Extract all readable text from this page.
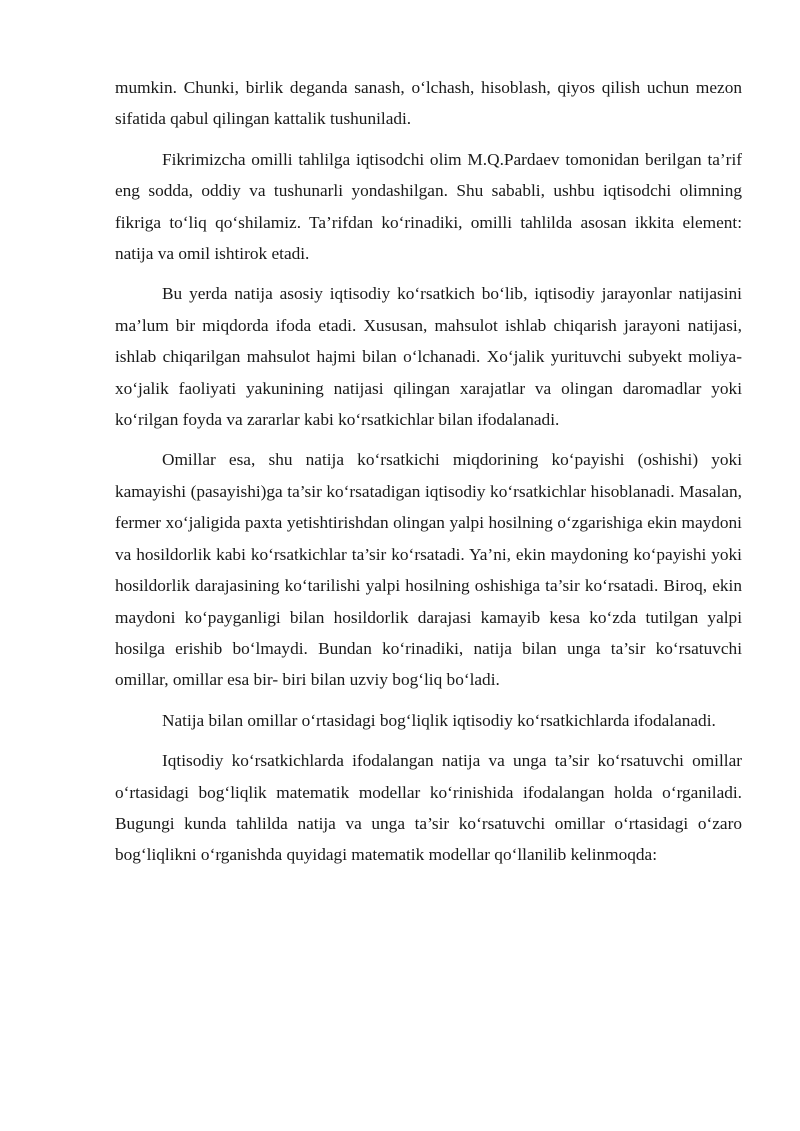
mumkin. Chunki, birlik deganda sanash, o‘lchash, hisoblash, qiyos qilish uchun mezon sifatida qabul qilingan kattalik tushuniladi.

Fikrimizcha omilli tahlilga iqtisodchi olim M.Q.Pardaev tomonidan berilgan ta’rif eng sodda, oddiy va tushunarli yondashilgan. Shu sababli, ushbu iqtisodchi olimning fikriga to‘liq qo‘shilamiz. Ta’rifdan ko‘rinadiki, omilli tahlilda asosan ikkita element: natija va omil ishtirok etadi.

Bu yerda natija asosiy iqtisodiy ko‘rsatkich bo‘lib, iqtisodiy jarayonlar natijasini ma’lum bir miqdorda ifoda etadi. Xususan, mahsulot ishlab chiqarish jarayoni natijasi, ishlab chiqarilgan mahsulot hajmi bilan o‘lchanadi. Xo‘jalik yurituvchi subyekt moliya-xo‘jalik faoliyati yakunining natijasi qilingan xarajatlar va olingan daromadlar yoki ko‘rilgan foyda va zararlar kabi ko‘rsatkichlar bilan ifodalanadi.

Omillar esa, shu natija ko‘rsatkichi miqdorining ko‘payishi (oshishi) yoki kamayishi (pasayishi)ga ta’sir ko‘rsatadigan iqtisodiy ko‘rsatkichlar hisoblanadi. Masalan, fermer xo‘jaligida paxta yetishtirishdan olingan yalpi hosilning o‘zgarishiga ekin maydoni va hosildorlik kabi ko‘rsatkichlar ta’sir ko‘rsatadi. Ya’ni, ekin maydoning ko‘payishi yoki hosildorlik darajasining ko‘tarilishi yalpi hosilning oshishiga ta’sir ko‘rsatadi. Biroq, ekin maydoni ko‘payganligi bilan hosildorlik darajasi kamayib kesa ko‘zda tutilgan yalpi hosilga erishib bo‘lmaydi. Bundan ko‘rinadiki, natija bilan unga ta’sir ko‘rsatuvchi omillar, omillar esa bir- biri bilan uzviy bog‘liq bo‘ladi.

Natija bilan omillar o‘rtasidagi bog‘liqlik iqtisodiy ko‘rsatkichlarda ifodalanadi.

Iqtisodiy ko‘rsatkichlarda ifodalangan natija va unga ta’sir ko‘rsatuvchi omillar o‘rtasidagi bog‘liqlik matematik modellar ko‘rinishida ifodalangan holda o‘rganiladi. Bugungi kunda tahlilda natija va unga ta’sir ko‘rsatuvchi omillar o‘rtasidagi o‘zaro bog‘liqlikni o‘rganishda quyidagi matematik modellar qo‘llanilib kelinmoqda:
